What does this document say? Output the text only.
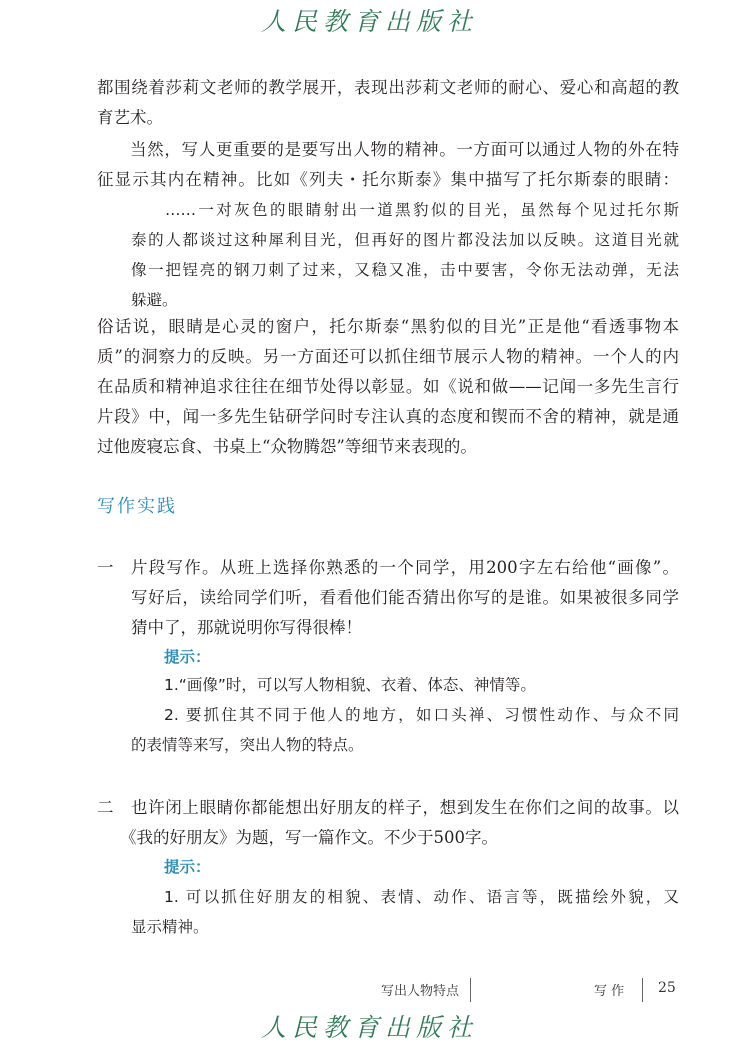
人民教育出版社
都围绕着莎莉文老师的教学展开，表现出莎莉文老师的耐心、爱心和高超的教
育艺术。
当然，写人更重要的是要写出人物的精神。一方面可以通过人物的外在特
征显示其内在精神。比如《列夫・托尔斯泰》集中描写了托尔斯泰的眼睛：
……一对灰色的眼睛射出一道黑豹似的目光，虽然每个见过托尔斯
泰的人都谈过这种犀利目光，但再好的图片都没法加以反映。这道目光就
像一把锃亮的钢刀刺了过来，又稳又准，击中要害，令你无法动弹，无法
躲避。
俗话说，眼睛是心灵的窗户，托尔斯泰“黑豹似的目光”正是他“看透事物本
质”的洞察力的反映。另一方面还可以抓住细节展示人物的精神。一个人的内
在品质和精神追求往往在细节处得以彰显。如《说和做——记闻一多先生言行
片段》中，闻一多先生钻研学问时专注认真的态度和锲而不舍的精神，就是通
过他废寝忘食、书桌上“众物腾怨”等细节来表现的。
写作实践
一 片段写作。从班上选择你熟悉的一个同学，用200字左右给他“画像”。
写好后，读给同学们听，看看他们能否猜出你写的是谁。如果被很多同学
猜中了，那就说明你写得很棒！
提示：
1.“画像”时，可以写人物相貌、衣着、体态、神情等。
2. 要抓住其不同于他人的地方，如口头禅、习惯性动作、与众不同
的表情等来写，突出人物的特点。
二 也许闭上眼睛你都能想出好朋友的样子，想到发生在你们之间的故事。以
《我的好朋友》为题，写一篇作文。不少于500字。
提示：
1. 可以抓住好朋友的相貌、表情、动作、语言等，既描绘外貌，又
显示精神。
写出人物特点	写 作 25
人民教育出版社
